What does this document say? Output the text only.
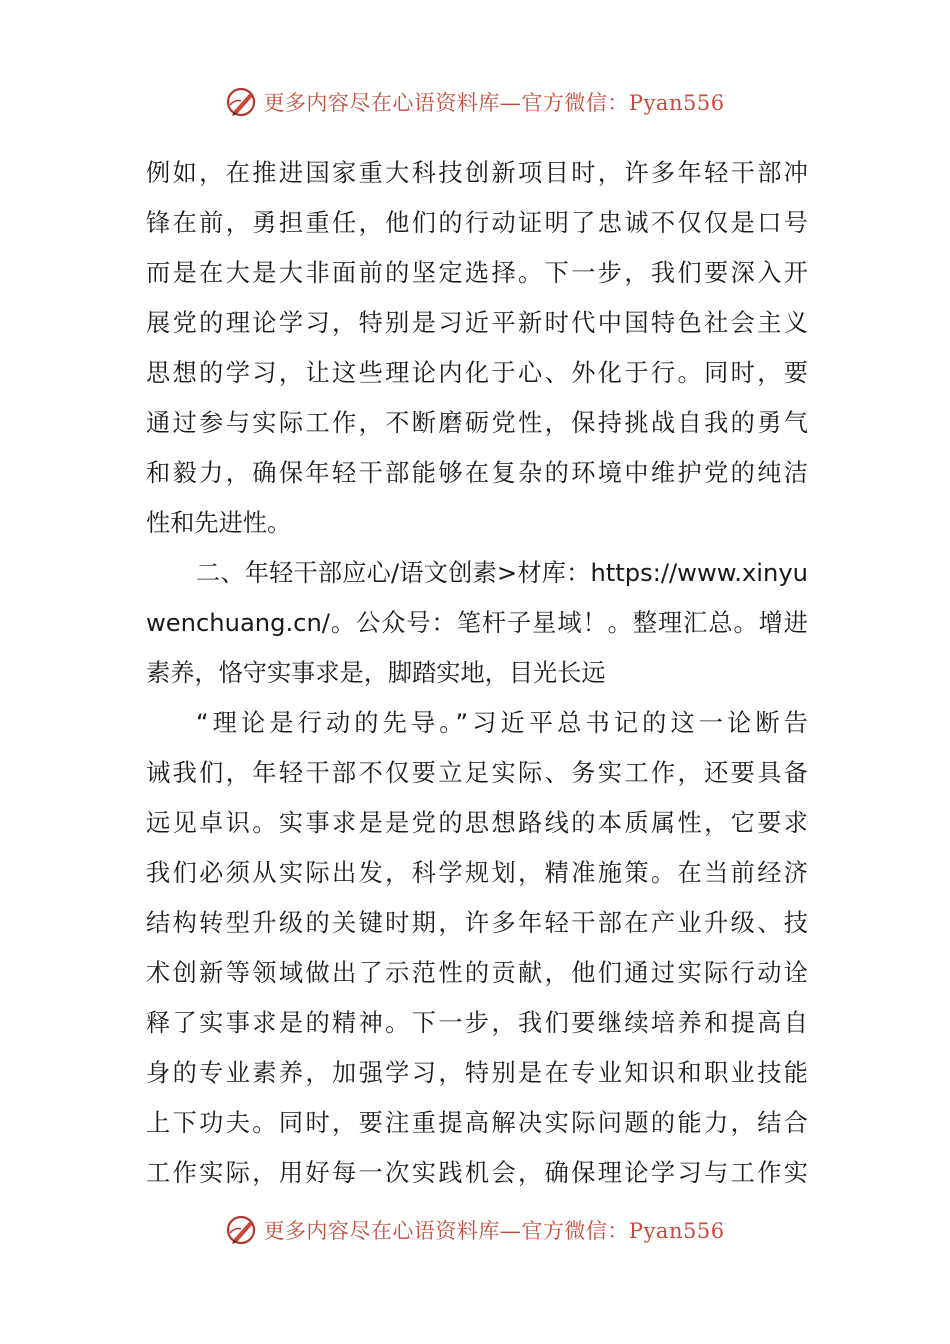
更多内容尽在心语资料库—官方微信：Pyan556
例如，在推进国家重大科技创新项目时，许多年轻干部冲
锋在前，勇担重任，他们的行动证明了忠诚不仅仅是口号
而是在大是大非面前的坚定选择。下一步，我们要深入开
展党的理论学习，特别是习近平新时代中国特色社会主义
思想的学习，让这些理论内化于心、外化于行。同时，要
通过参与实际工作，不断磨砺党性，保持挑战自我的勇气
和毅力，确保年轻干部能够在复杂的环境中维护党的纯洁
性和先进性。
二、年轻干部应心/语文创素>材库：https://www.xinyu
wenchuang.cn/。公众号：笔杆子星域！。整理汇总。增进
素养，恪守实事求是，脚踏实地，目光长远
“理论是行动的先导。”习近平总书记的这一论断告
诫我们，年轻干部不仅要立足实际、务实工作，还要具备
远见卓识。实事求是是党的思想路线的本质属性，它要求
我们必须从实际出发，科学规划，精准施策。在当前经济
结构转型升级的关键时期，许多年轻干部在产业升级、技
术创新等领域做出了示范性的贡献，他们通过实际行动诠
释了实事求是的精神。下一步，我们要继续培养和提高自
身的专业素养，加强学习，特别是在专业知识和职业技能
上下功夫。同时，要注重提高解决实际问题的能力，结合
工作实际，用好每一次实践机会，确保理论学习与工作实
更多内容尽在心语资料库—官方微信：Pyan556
